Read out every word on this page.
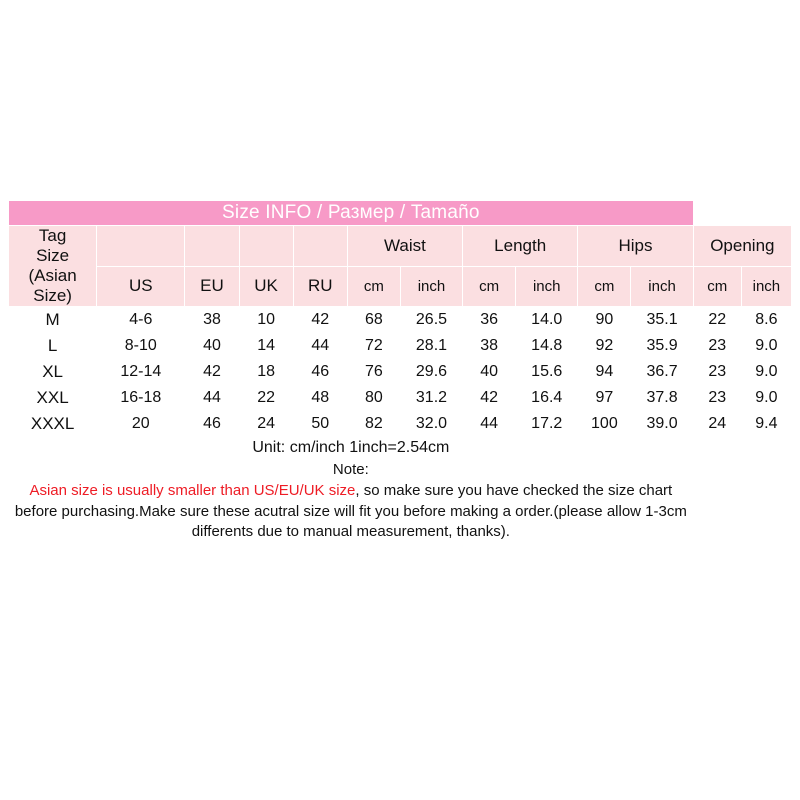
Size INFO / Размер / Tamaño												
Tag
Size
(Asian
Size)					Waist		Length		Hips		Opening	
	US	EU	UK	RU	cm	inch	cm	inch	cm	inch	cm	inch
M	4-6	38	10	42	68	26.5	36	14.0	90	35.1	22	8.6
L	8-10	40	14	44	72	28.1	38	14.8	92	35.9	23	9.0
XL	12-14	42	18	46	76	29.6	40	15.6	94	36.7	23	9.0
XXL	16-18	44	22	48	80	31.2	42	16.4	97	37.8	23	9.0
XXXL	20	46	24	50	82	32.0	44	17.2	100	39.0	24	9.4
Unit: cm/inch 1inch=2.54cm												

Note:
Asian size is usually smaller than US/EU/UK size, so make sure you have checked the size chart before purchasing.Make sure these acutral size will fit you before making a order.(please allow 1-3cm differents due to manual measurement, thanks).												
